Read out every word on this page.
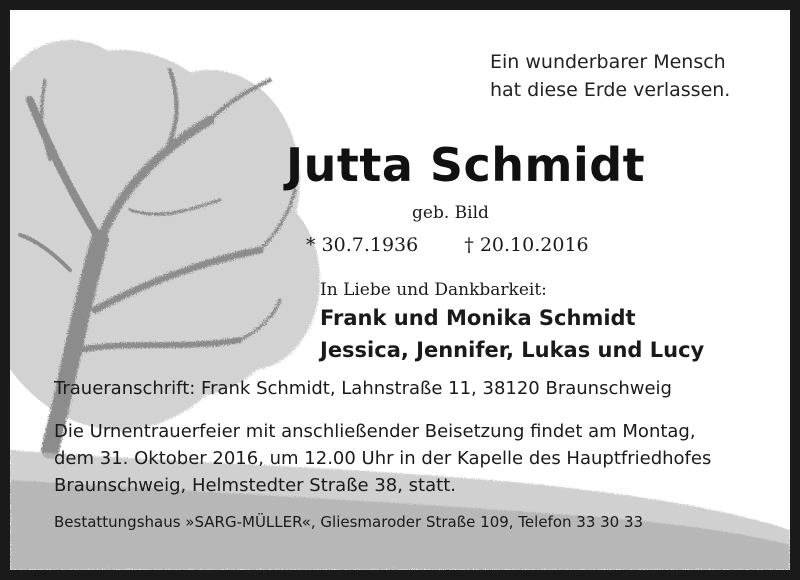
Ein wunderbarer Mensch
hat diese Erde verlassen.
Jutta Schmidt
geb. Bild
* 30.7.1936 † 20.10.2016
In Liebe und Dankbarkeit:
Frank und Monika Schmidt
Jessica, Jennifer, Lukas und Lucy
Traueranschrift: Frank Schmidt, Lahnstraße 11, 38120 Braunschweig
Die Urnentrauerfeier mit anschließender Beisetzung findet am Montag,
dem 31. Oktober 2016, um 12.00 Uhr in der Kapelle des Hauptfriedhofes
Braunschweig, Helmstedter Straße 38, statt.
Bestattungshaus »SARG-MÜLLER«, Gliesmaroder Straße 109, Telefon 33 30 33
